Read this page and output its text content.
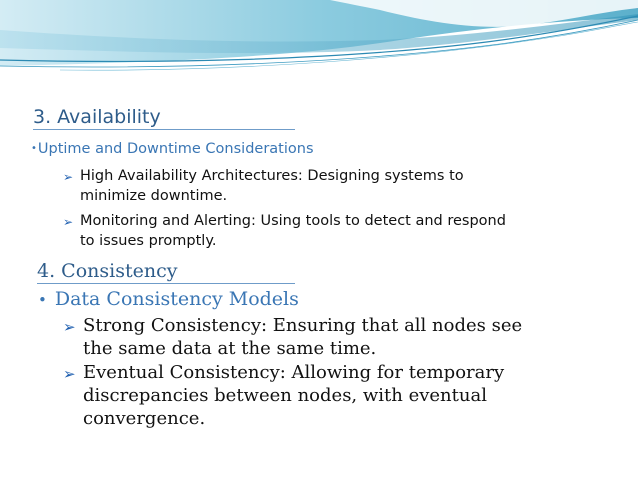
3. Availability
•Uptime and Downtime Considerations
➢ High Availability Architectures: Designing systems to minimize downtime.
➢ Monitoring and Alerting: Using tools to detect and respond to issues promptly.
4. Consistency
• Data Consistency Models
➢ Strong Consistency: Ensuring that all nodes see the same data at the same time.
➢ Eventual Consistency: Allowing for temporary discrepancies between nodes, with eventual convergence.
